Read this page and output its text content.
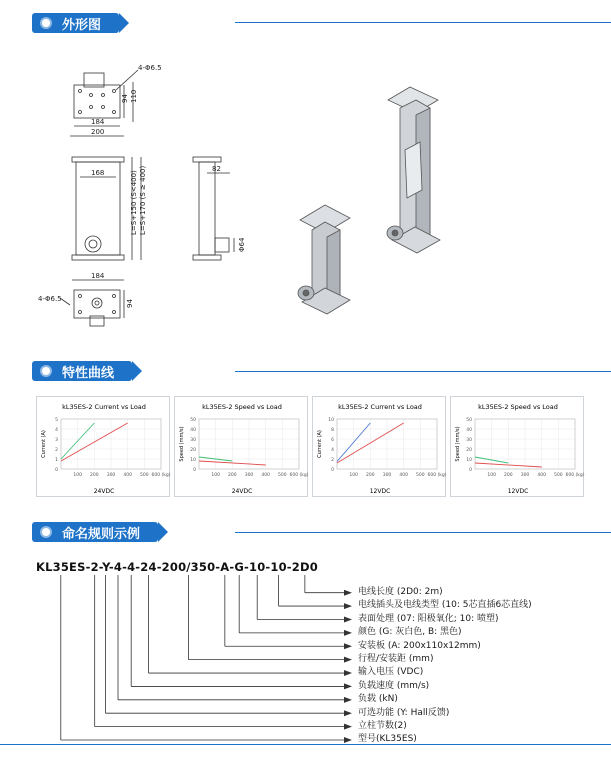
外形图
4-Φ6.5
94 110
184
200
168	L=S+150 (S<400) L=S+170 (S ≥ 400)	82
Φ64
184
4-Φ6.5
94
特性曲线
kL35ES-2 Current vs Load
0
1
2
3
4
5
100 200 300 400 500 600 (kg)
Current (A)
24VDC
kL35ES-2 Speed vs Load
0
10
20
30
40
50
100 200 300 400 500 600 (kg)
Speed (mm/s)
24VDC
kL35ES-2 Current vs Load
0
2
4
6
8
10
100 200 300 400 500 600 (kg)
Current (A)
12VDC
kL35ES-2 Speed vs Load
0
10
20
30
40
50
100 200 300 400 500 600 (kg)
Speed (mm/s)
12VDC
命名规则示例
KL35ES-2-Y-4-4-24-200/350-A-G-10-10-2D0
电线长度 (2D0: 2m)
电线插头及电线类型 (10: 5芯直插6芯直线)
表面处理 (07: 阳极氧化; 10: 喷塑)
颜色 (G: 灰白色, B: 黑色)
安装板 (A: 200x110x12mm)
行程/安装距 (mm)
输入电压 (VDC)
负载速度 (mm/s)
负载 (kN)
可选功能 (Y: Hall反馈)
立柱节数(2)
型号(KL35ES)
